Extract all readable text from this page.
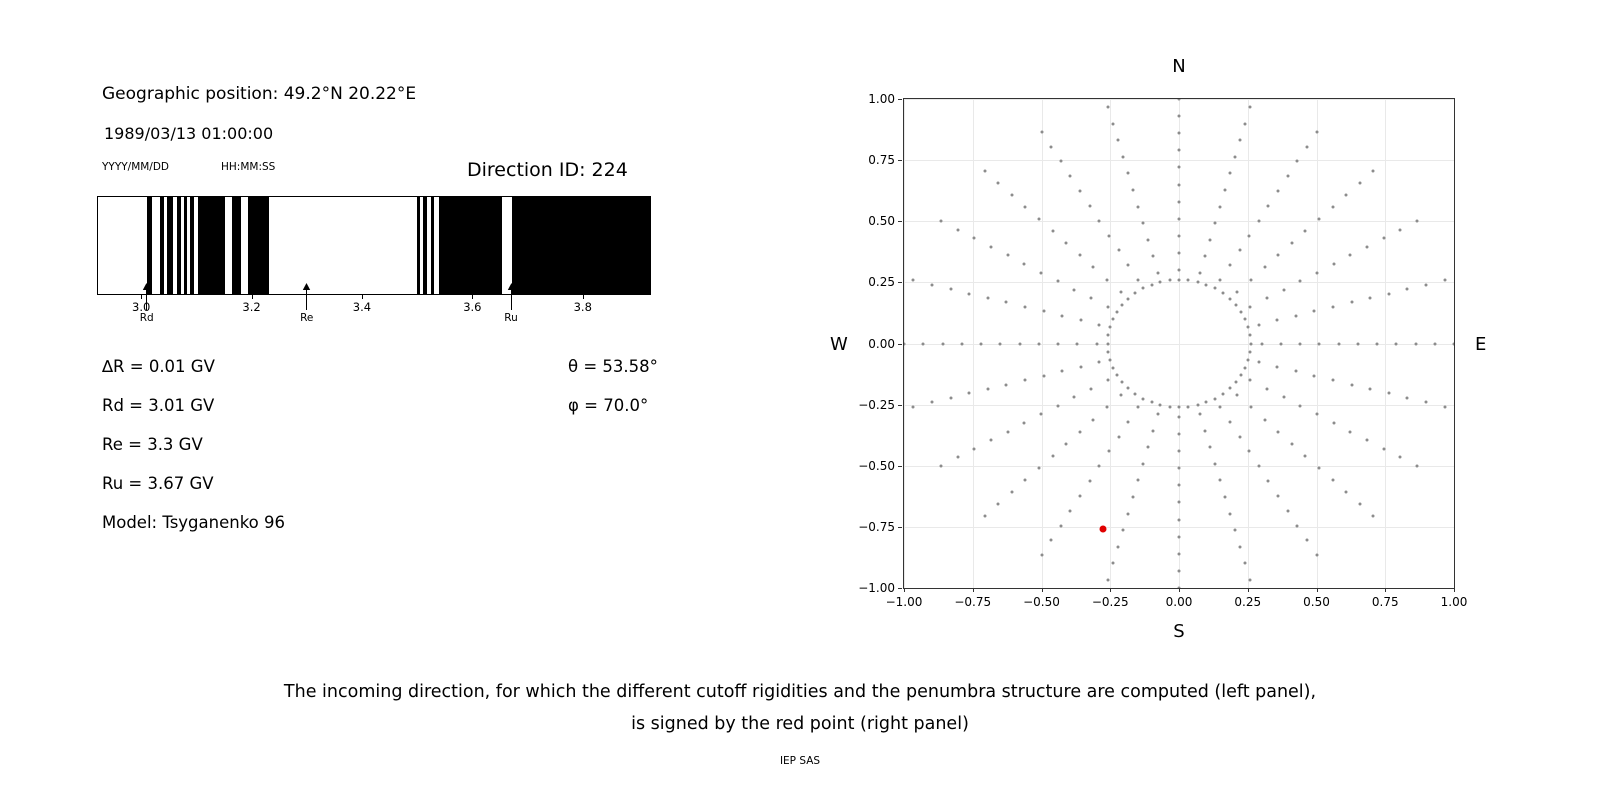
Geographic position: 49.2°N 20.22°E
1989/03/13 01:00:00
YYYY/MM/DD	HH:MM:SS	Direction ID: 224
3.0	3.2	3.4	3.6	3.8
Rd	Re	Ru
∆R = 0.01 GV
Rd = 3.01 GV
Re = 3.3 GV
Ru = 3.67 GV
Model: Tsyganenko 96
θ = 53.58°
φ = 70.0°
−1.00	−0.75	−0.50	−0.25	0.00	0.25	0.50	0.75	1.00
−1.00
−0.75
−0.50
−0.25
0.00
0.25
0.50
0.75
1.00
N
S
W	E
The incoming direction, for which the different cutoff rigidities and the penumbra structure are computed (left panel),
is signed by the red point (right panel)
IEP SAS
